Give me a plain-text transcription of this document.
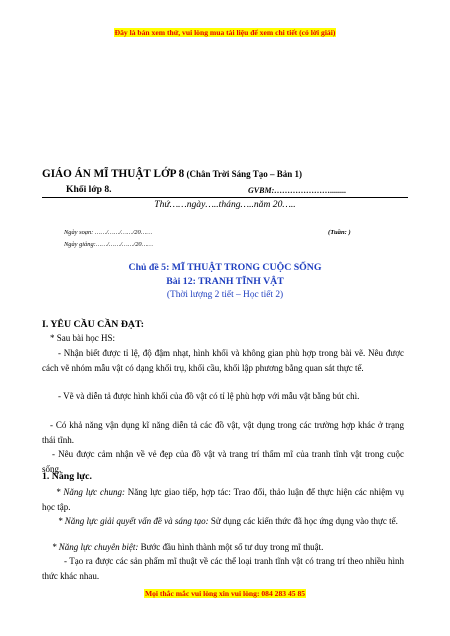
Đây là bản xem thử, vui lòng mua tài liệu để xem chi tiết (có lời giải)
GIÁO ÁN MĨ THUẬT LỚP 8 (Chân Trời Sáng Tạo – Bản 1)
Khối lớp 8.	GVBM:…………………........
Thứ……ngày…..tháng…..năm 20…..
Ngày soạn: ……/……/……/20……
Ngày giảng:……/……/……/20……
(Tuần: )
Chủ đề 5: MĨ THUẬT TRONG CUỘC SỐNG
Bài 12: TRANH TĨNH VẬT
(Thời lượng 2 tiết – Học tiết 2)
I. YÊU CẦU CẦN ĐẠT:
* Sau bài học HS:
- Nhận biết được tỉ lệ, độ đậm nhạt, hình khối và không gian phù hợp trong bài vẽ. Nêu được cách vẽ nhóm mẫu vật có dạng khối trụ, khối cầu, khối lập phương bằng quan sát thực tế.
- Vẽ và diễn tả được hình khối của đồ vật có tỉ lệ phù hợp với mẫu vật bằng bút chì.
- Có khả năng vận dụng kĩ năng diễn tả các đồ vật, vật dụng trong các trường hợp khác ở trạng thái tĩnh.
- Nêu được cảm nhận về vẻ đẹp của đồ vật và trang trí thẩm mĩ của tranh tĩnh vật trong cuộc sống.
1. Năng lực.
* Năng lực chung: Năng lực giao tiếp, hợp tác: Trao đổi, thảo luận để thực hiện các nhiệm vụ học tập.
* Năng lực giải quyết vấn đề và sáng tạo: Sử dụng các kiến thức đã học ứng dụng vào thực tế.
* Năng lực chuyên biệt: Bước đầu hình thành một số tư duy trong mĩ thuật.
- Tạo ra được các sản phẩm mĩ thuật về các thể loại tranh tĩnh vật có trang trí theo nhiều hình thức khác nhau.
Mọi thắc mắc vui lòng xin vui lòng: 084 283 45 85
